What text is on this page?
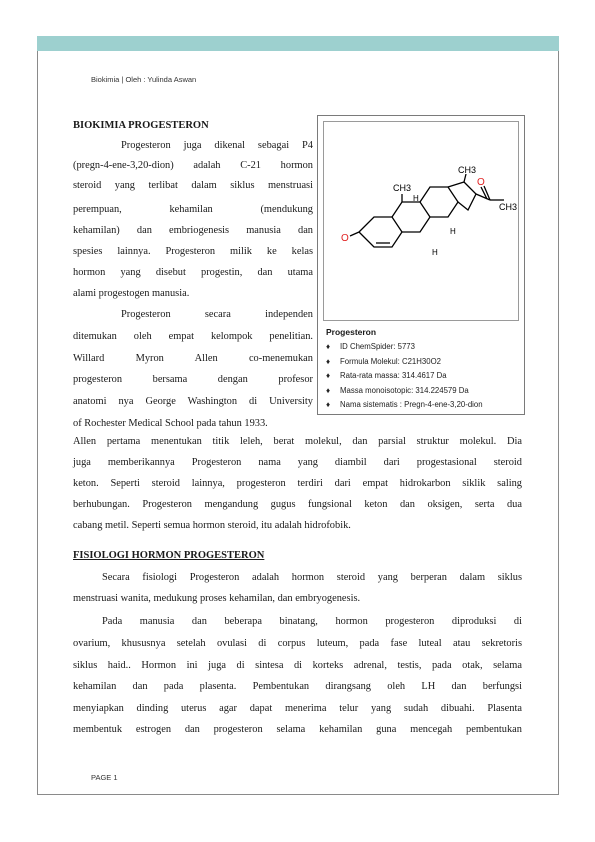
Biokimia | Oleh : Yulinda Aswan
BIOKIMIA PROGESTERON
Progesteron juga dikenal sebagai P4
(pregn-4-ene-3,20-dion) adalah C-21 hormon
steroid yang terlibat dalam siklus menstruasi
perempuan, kehamilan (mendukung
kehamilan) dan embriogenesis manusia dan
spesies lainnya. Progesteron milik ke kelas
hormon yang disebut progestin, dan utama
alami progestogen manusia.
Progesteron secara independen
ditemukan oleh empat kelompok penelitian.
Willard Myron Allen co-menemukan
progesteron bersama dengan profesor
anatomi nya George Washington di University
of Rochester Medical School pada tahun 1933.
Allen pertama menentukan titik leleh, berat molekul, dan parsial struktur molekul. Dia
juga memberikannya Progesteron nama yang diambil dari progestasional steroid
keton. Seperti steroid lainnya, progesteron terdiri dari empat hidrokarbon siklik saling
berhubungan. Progesteron mengandung gugus fungsional keton dan oksigen, serta dua
cabang metil. Seperti semua hormon steroid, itu adalah hidrofobik.
CH3
H
CH3
CH3
O
O
H
H
Progesteron
♦ ID ChemSpider: 5773
♦ Formula Molekul: C21H30O2
♦ Rata-rata massa: 314.4617 Da
♦ Massa monoisotopic: 314.224579 Da
♦ Nama sistematis : Pregn-4-ene-3,20-dion
FISIOLOGI HORMON PROGESTERON
Secara fisiologi Progesteron adalah hormon steroid yang berperan dalam siklus
menstruasi wanita, medukung proses kehamilan, dan embryogenesis.
Pada manusia dan beberapa binatang, hormon progesteron diproduksi di
ovarium, khususnya setelah ovulasi di corpus luteum, pada fase luteal atau sekretoris
siklus haid.. Hormon ini juga di sintesa di korteks adrenal, testis, pada otak, selama
kehamilan dan pada plasenta. Pembentukan dirangsang oleh LH dan berfungsi
menyiapkan dinding uterus agar dapat menerima telur yang sudah dibuahi. Plasenta
membentuk estrogen dan progesteron selama kehamilan guna mencegah pembentukan
PAGE 1
